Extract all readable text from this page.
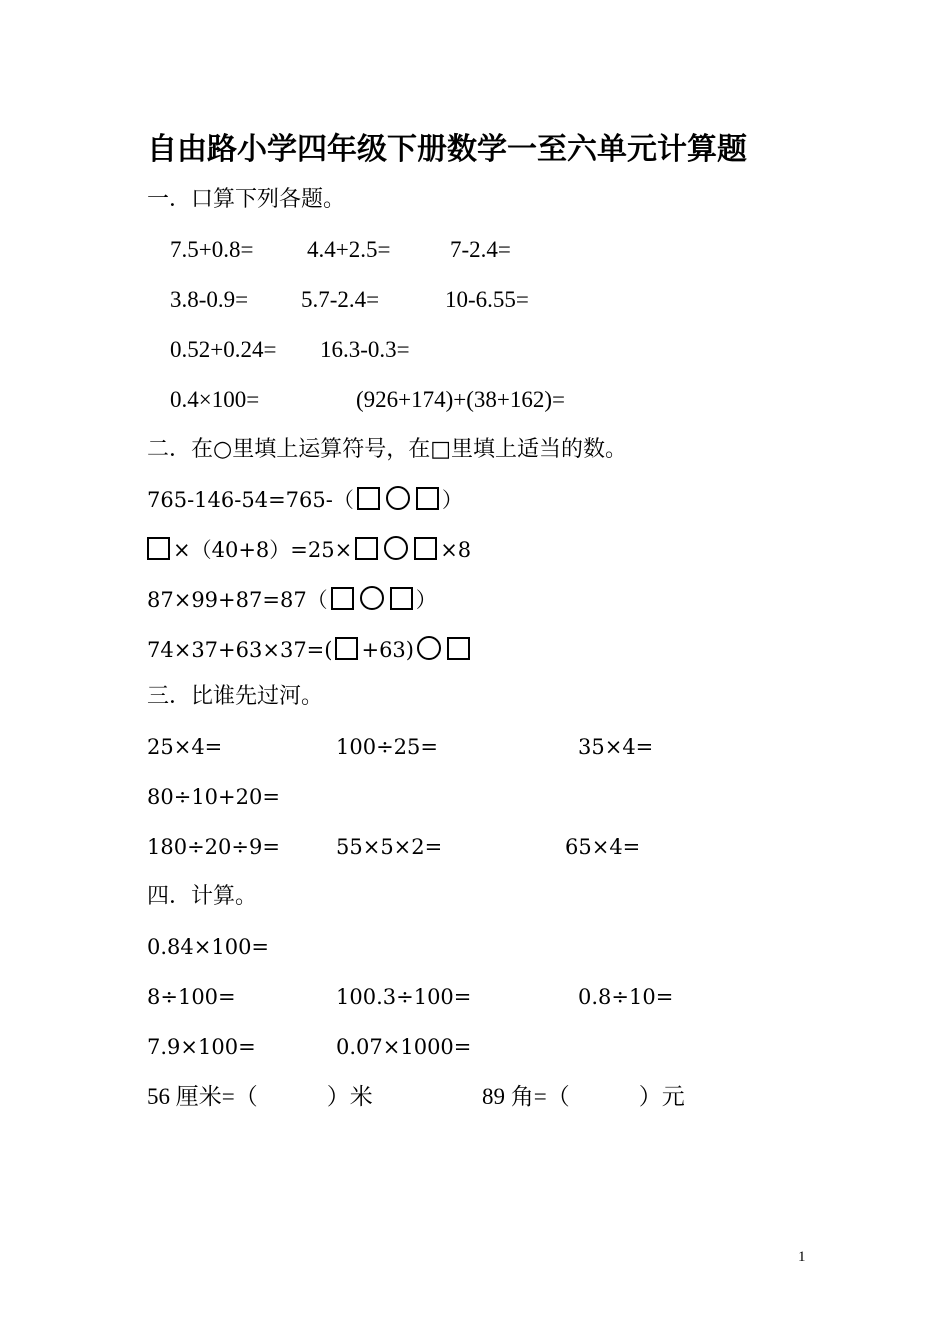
自由路小学四年级下册数学一至六单元计算题
一．口算下列各题。
7.5+0.8= 4.4+2.5=	7-2.4=
3.8-0.9= 5.7-2.4=	10-6.55=
0.52+0.24= 16.3-0.3=
0.4×100=	(926+174)+(38+162)=
二．在○里填上运算符号，在□里填上适当的数。
765-146-54=765-（	）
×（40+8）=25×	×8
87×99+87=87（	）
74×37+63×37=( +63)
三．比谁先过河。
25×4=	100÷25=	35×4=
80÷10+20=
180÷20÷9=	55×5×2=	65×4=
四．计算。
0.84×100=
8÷100=	100.3÷100=	0.8÷10=
7.9×100=	0.07×1000=
56 厘米=（　　　）米	89 角=（　　　）元
1
